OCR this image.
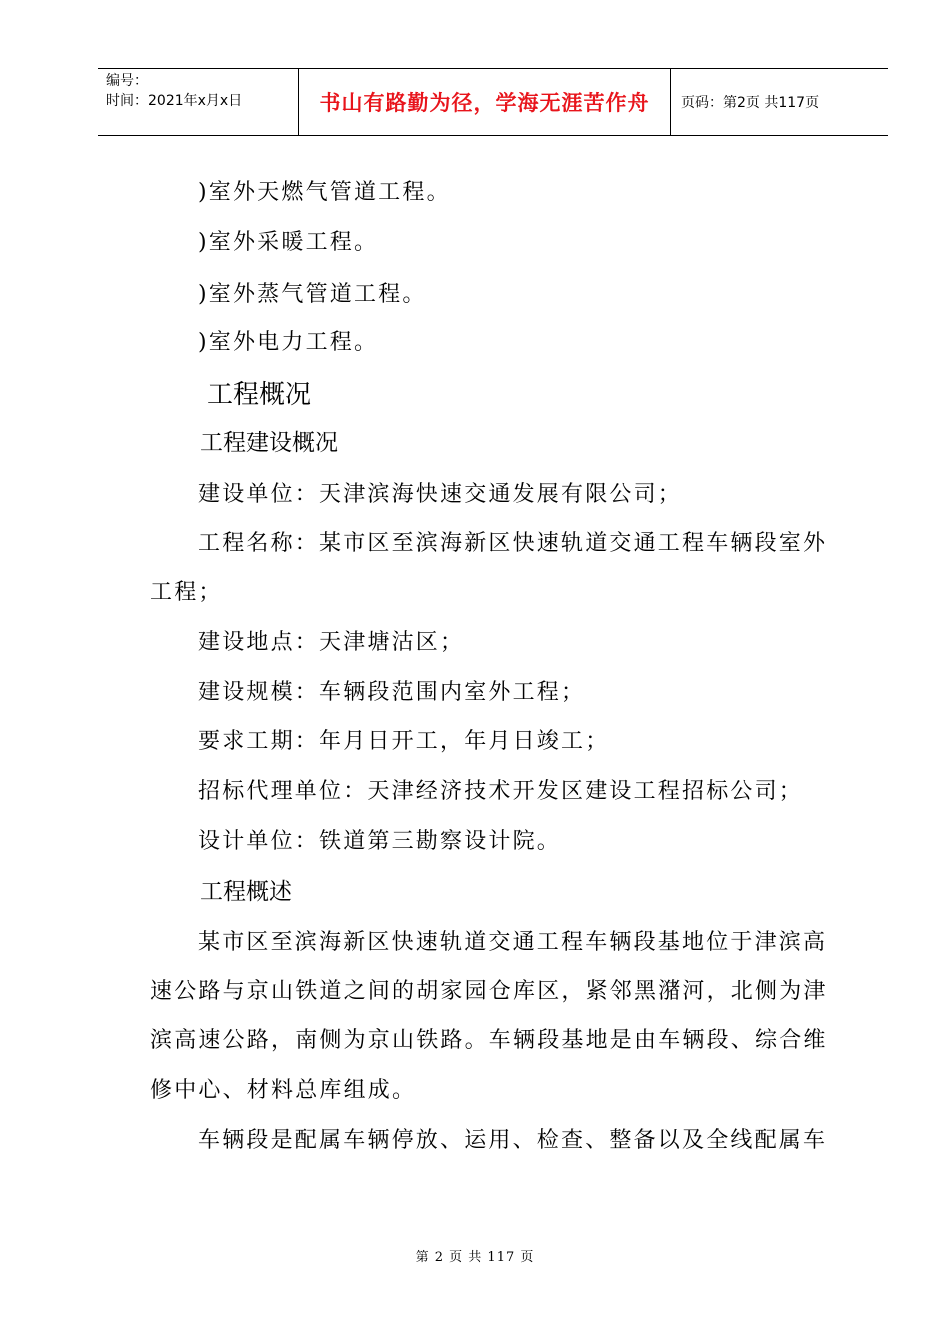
编号：
时间：2021年x月x日	书山有路勤为径，学海无涯苦作舟	页码：第2页 共117页
)室外天燃气管道工程。
)室外采暖工程。
)室外蒸气管道工程。
)室外电力工程。
工程概况
工程建设概况
建设单位：天津滨海快速交通发展有限公司；
工程名称：某市区至滨海新区快速轨道交通工程车辆段室外
工程；
建设地点：天津塘沽区；
建设规模：车辆段范围内室外工程；
要求工期：年月日开工，年月日竣工；
招标代理单位：天津经济技术开发区建设工程招标公司；
设计单位：铁道第三勘察设计院。
工程概述
某市区至滨海新区快速轨道交通工程车辆段基地位于津滨高
速公路与京山铁道之间的胡家园仓库区，紧邻黑潴河，北侧为津
滨高速公路，南侧为京山铁路。车辆段基地是由车辆段、综合维
修中心、材料总库组成。
车辆段是配属车辆停放、运用、检查、整备以及全线配属车
第 2 页 共 117 页
